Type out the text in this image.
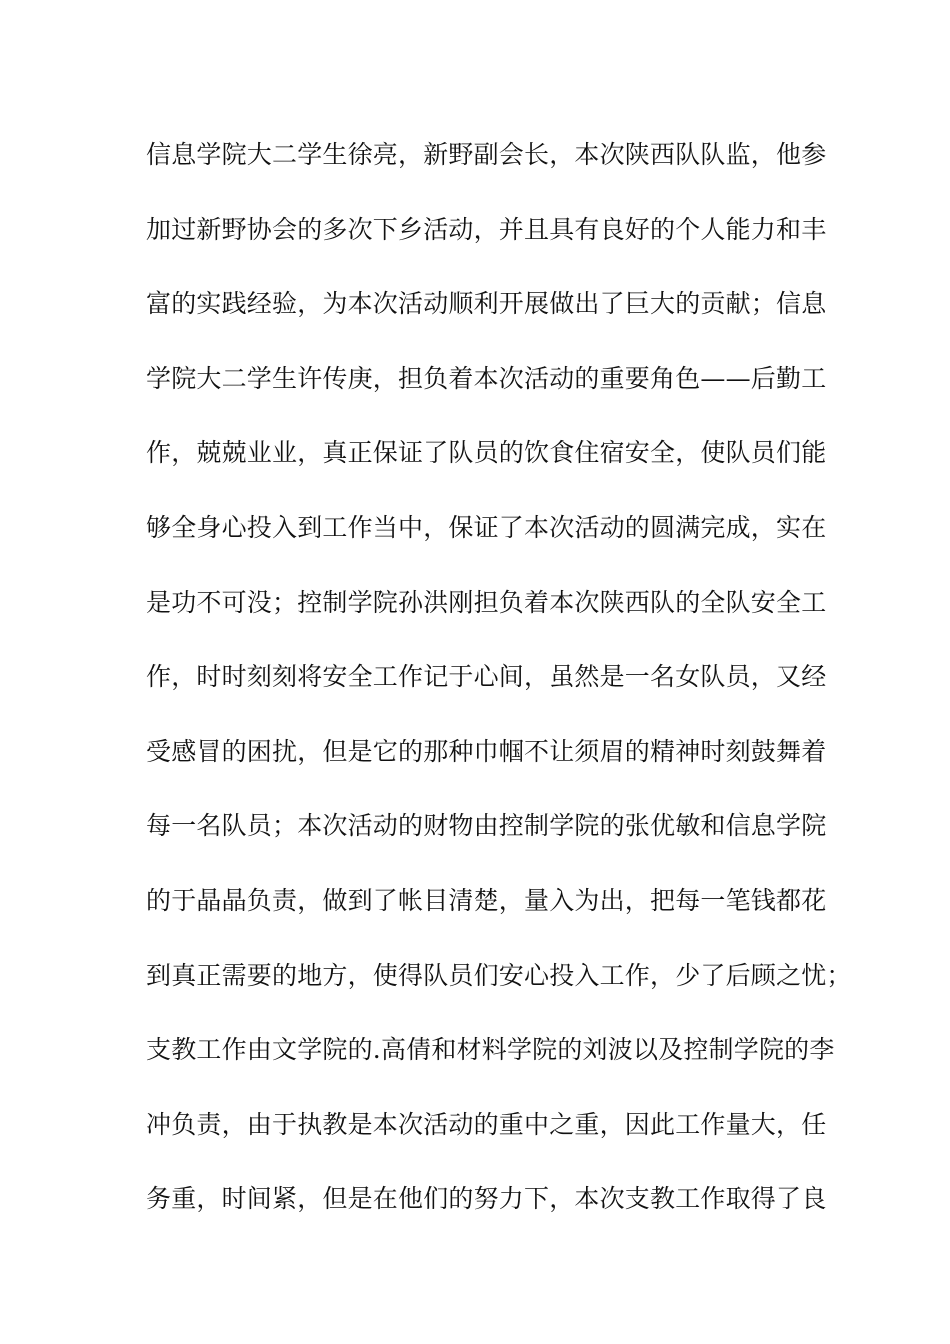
信息学院大二学生徐亮，新野副会长，本次陕西队队监，他参
加过新野协会的多次下乡活动，并且具有良好的个人能力和丰
富的实践经验，为本次活动顺利开展做出了巨大的贡献；信息
学院大二学生许传庚，担负着本次活动的重要角色——后勤工
作，兢兢业业，真正保证了队员的饮食住宿安全，使队员们能
够全身心投入到工作当中，保证了本次活动的圆满完成，实在
是功不可没；控制学院孙洪刚担负着本次陕西队的全队安全工
作，时时刻刻将安全工作记于心间，虽然是一名女队员，又经
受感冒的困扰，但是它的那种巾帼不让须眉的精神时刻鼓舞着
每一名队员；本次活动的财物由控制学院的张优敏和信息学院
的于晶晶负责，做到了帐目清楚，量入为出，把每一笔钱都花
到真正需要的地方，使得队员们安心投入工作，少了后顾之忧；
支教工作由文学院的.高倩和材料学院的刘波以及控制学院的李
冲负责，由于执教是本次活动的重中之重，因此工作量大，任
务重，时间紧，但是在他们的努力下，本次支教工作取得了良
